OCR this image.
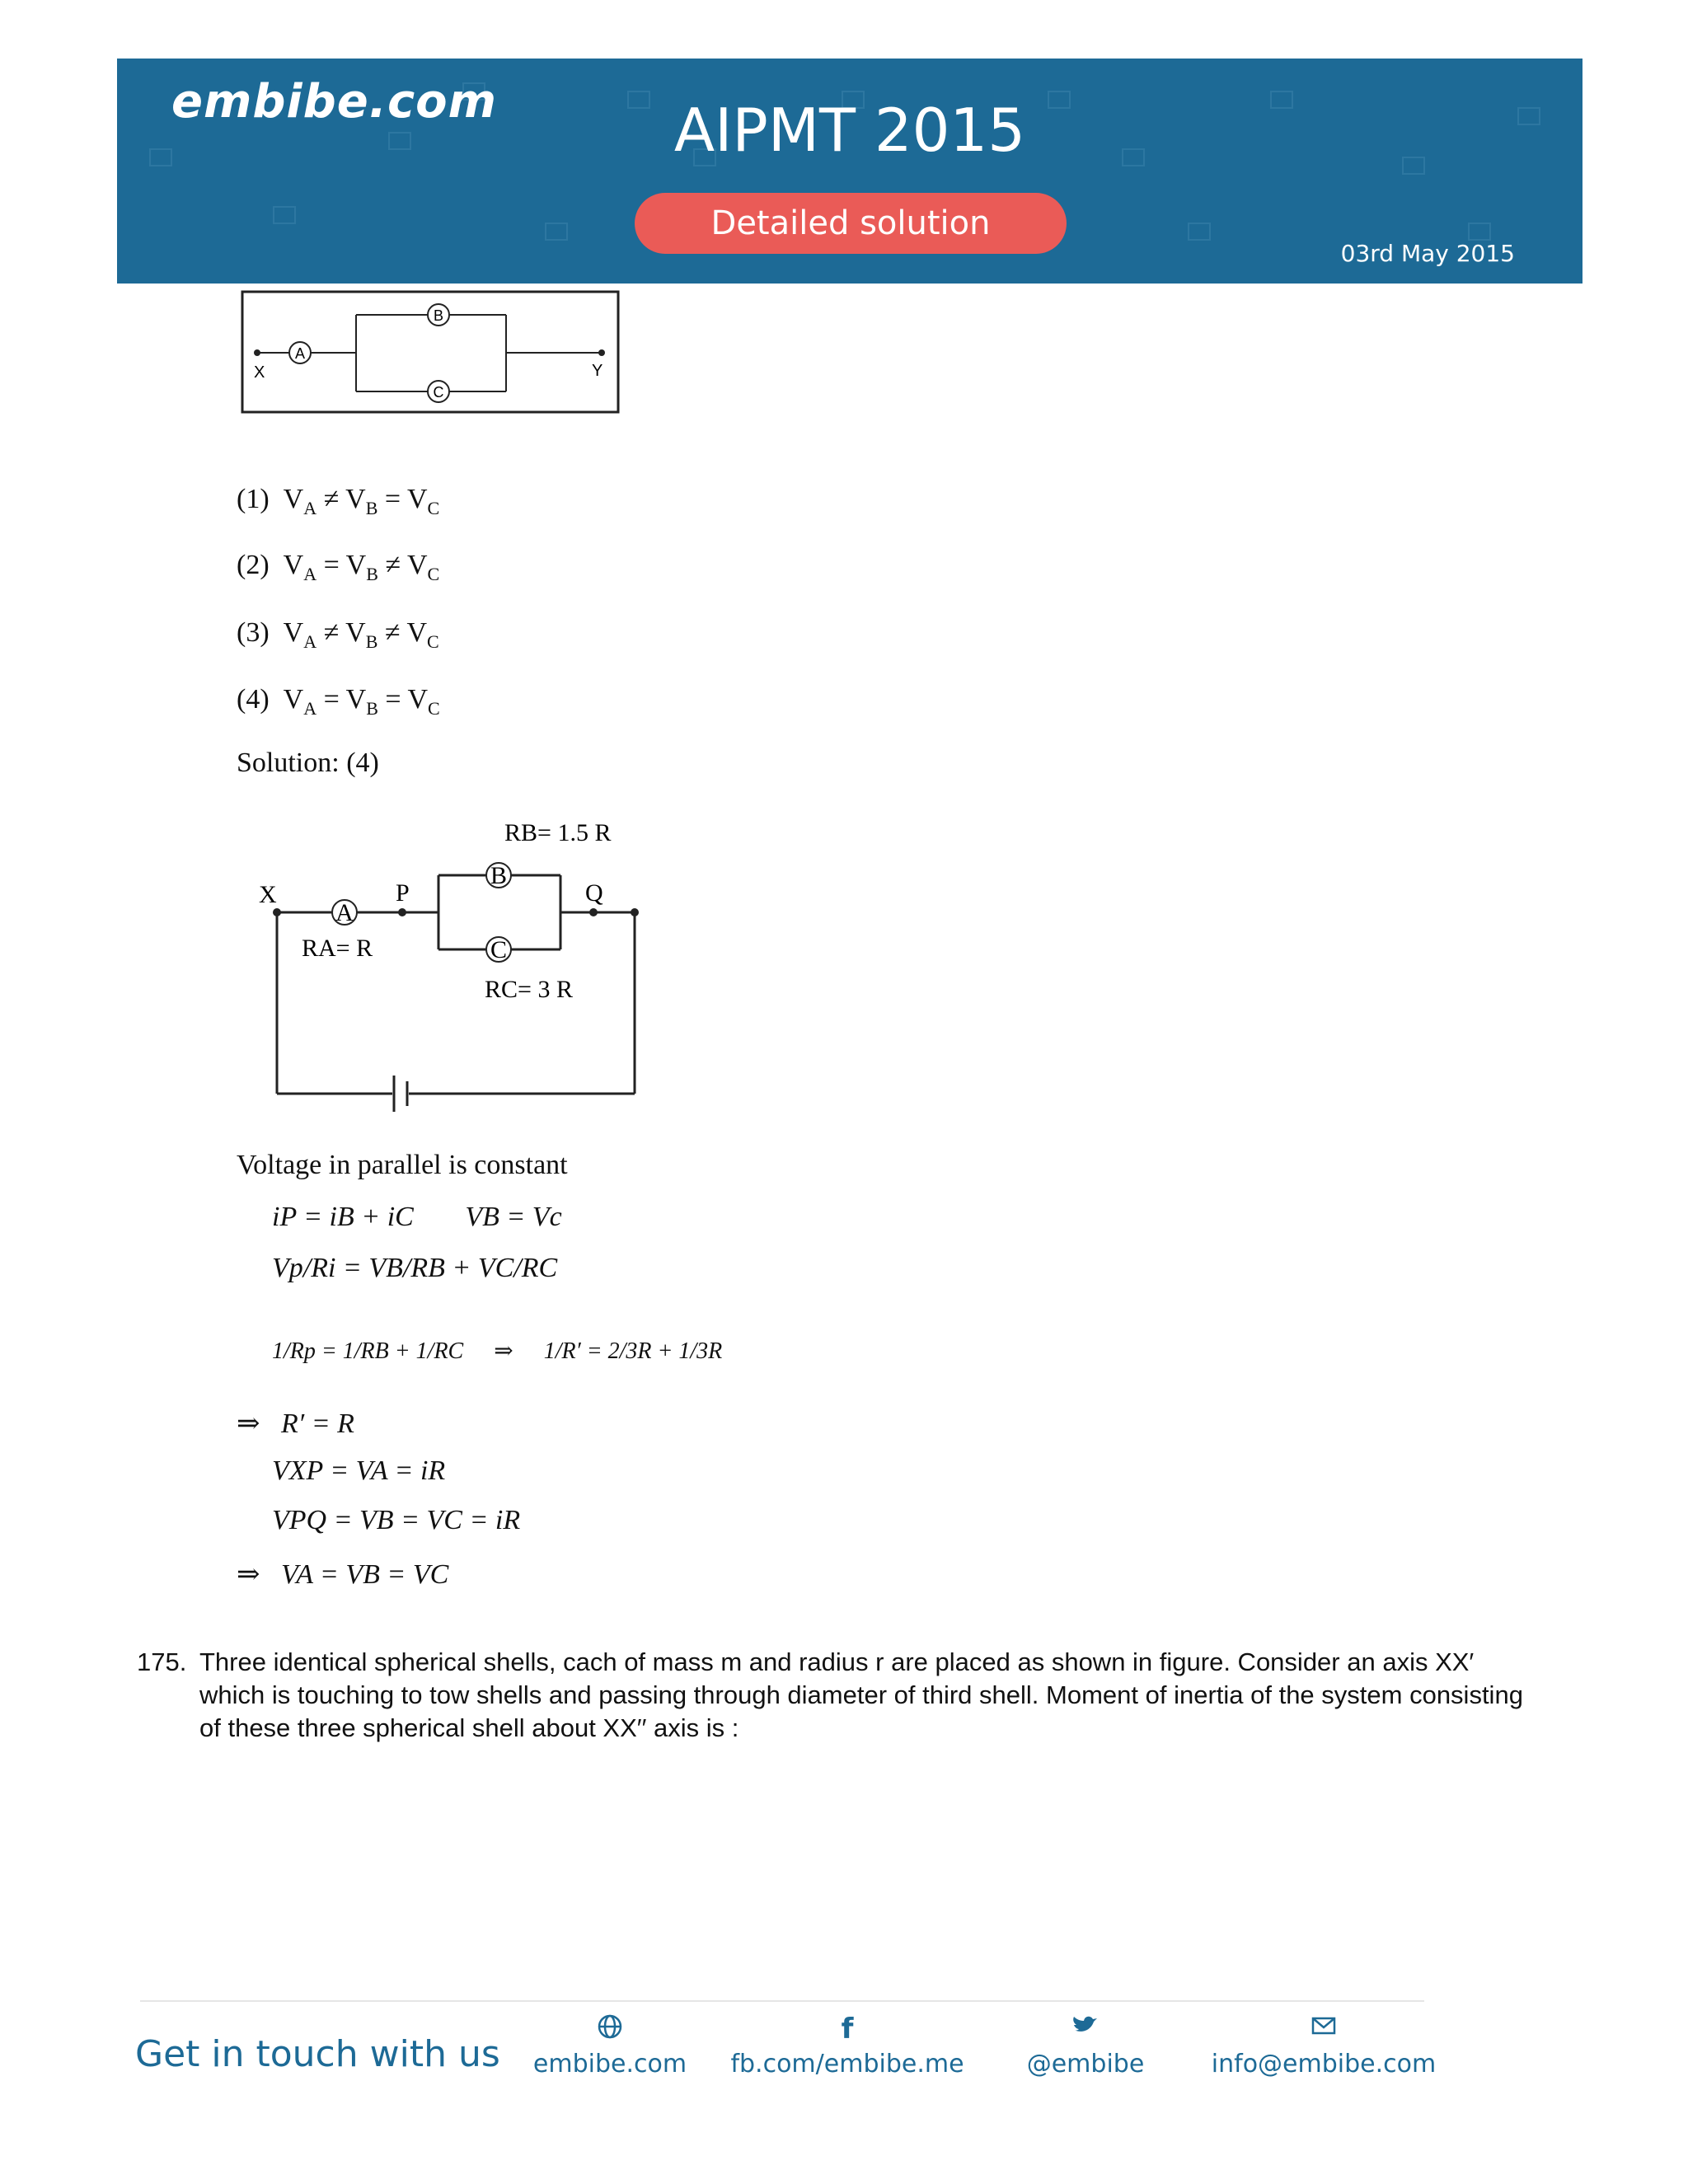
embibe.com	AIPMT 2015
Detailed solution
03rd May 2015
A
B
C
X	Y
(1) $V_A \ne V_B = V_C$
(2) $V_A = V_B \ne V_C$
(3) $V_A \ne V_B \ne V_C$
(4) $V_A = V_B = V_C$
Solution: (4)
A
B
C
X	P	Q
RA= R
RB= 1.5 R
RC= 3 R
Voltage in parallel is constant
iP = iB + iC VB = Vc
Vp/Ri = VB/RB + VC/RC
1/Rp = 1/RB + 1/RC ⇒ 1/R′ = 2/3R + 1/3R
⇒   R′ = R
VXP = VA = iR
VPQ = VB = VC = iR
⇒   VA = VB = VC
175. Three identical spherical shells, cach of mass m and radius r are placed as shown in figure. Consider an axis XX′ which is touching to tow shells and passing through diameter of third shell. Moment of inertia of the system consisting of these three spherical shell about XX′′ axis is :
Get in touch with us	embibe.com
f
fb.com/embibe.me	@embibe	info@embibe.com
